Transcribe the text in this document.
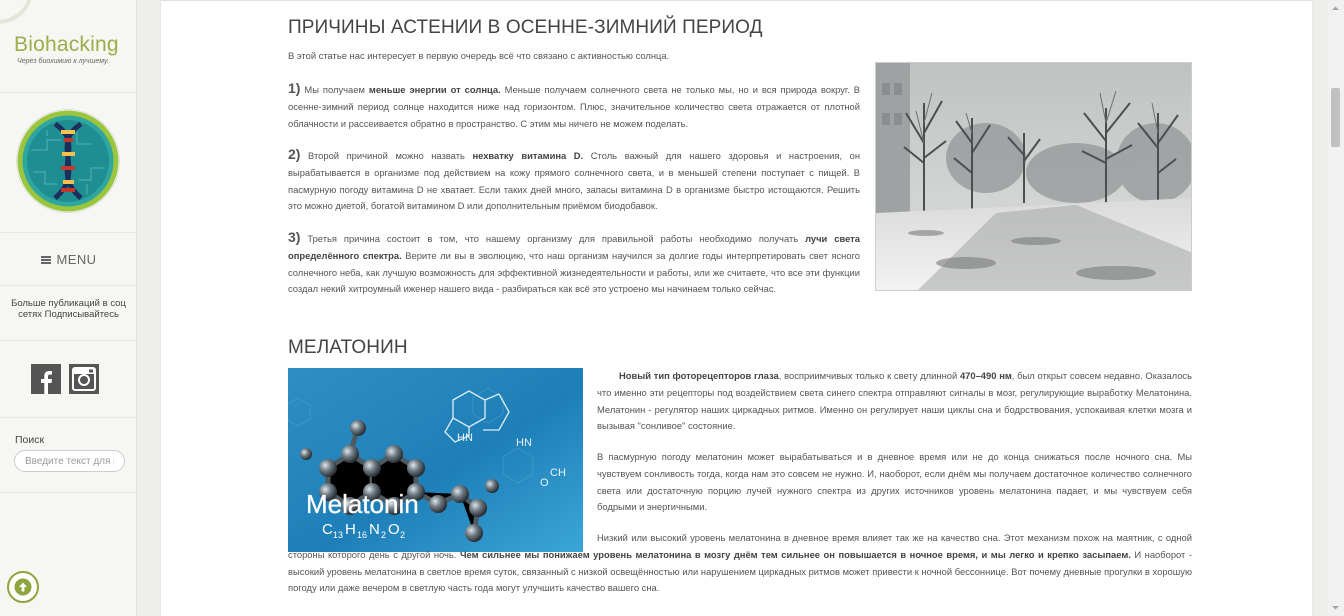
Biohacking
Через биохимию к лучшему.
MENU
Больше публикаций в соц сетях Подписывайтесь
Поиск
Введите текст для поиска
ПРИЧИНЫ АСТЕНИИ В ОСЕННЕ-ЗИМНИЙ ПЕРИОД
В этой статье нас интересует в первую очередь всё что связано с активностью солнца.

1) Мы получаем меньше энергии от солнца. Меньше получаем солнечного света не только мы, но и вся природа вокруг. В осенне-зимний период солнце находится ниже над горизонтом. Плюс, значительное количество света отражается от плотной облачности и рассеивается обратно в пространство. С этим мы ничего не можем поделать.

2) Второй причиной можно назвать нехватку витамина D. Столь важный для нашего здоровья и настроения, он вырабатывается в организме под действием на кожу прямого солнечного света, и в меньшей степени поступает с пищей. В пасмурную погоду витамина D не хватает. Если таких дней много, запасы витамина D в организме быстро истощаются. Решить это можно диетой, богатой витамином D или дополнительным приёмом биодобавок.

3) Третья причина состоит в том, что нашему организму для правильной работы необходимо получать лучи света определённого спектра. Верите ли вы в эволюцию, что наш организм научился за долгие годы интерпретировать свет ясного солнечного неба, как лучшую возможность для эффективной жизнедеятельности и работы, или же считаете, что все эти функции создал некий хитроумный иженер нашего вида - разбираться как всё это устроено мы начинаем только сейчас.

МЕЛАТОНИН
HN	HN
CH
O
Melatonin
C 13 H 16 N 2 O 2

Новый тип фоторецепторов глаза, восприимчивых только к свету длинной 470–490 нм, был открыт совсем недавно. Оказалось что именно эти рецепторы под воздействием света синего спектра отправляют сигналы в мозг, регулирующие выработку Мелатонина. Мелатонин - регулятор наших циркадных ритмов. Именно он регулирует наши циклы сна и бодрствования, успокаивая клетки мозга и вызывая "сонливое" состояние.

В пасмурную погоду мелатонин может вырабатываться и в дневное время или не до конца снижаться после ночного сна. Мы чувствуем сонливость тогда, когда нам это совсем не нужно. И, наоборот, если днём мы получаем достаточное количество солнечного света или достаточную порцию лучей нужного спектра из других источников уровень мелатонина падает, и мы чувствуем себя бодрыми и энергичными.

Низкий или высокий уровень мелатонина в дневное время влияет так же на качество сна. Этот механизм похож на маятник, с одной стороны которого день с другой ночь. Чем сильнее мы понижаем уровень мелатонина в мозгу днём тем сильнее он повышается в ночное время, и мы легко и крепко засыпаем. И наоборот - высокий уровень мелатонина в светлое время суток, связанный с низкой освещённостью или нарушением циркадных ритмов может привести к ночной бессоннице. Вот почему дневные прогулки в хорошую погоду или даже вечером в светлую часть года могут улучшить качество вашего сна.
